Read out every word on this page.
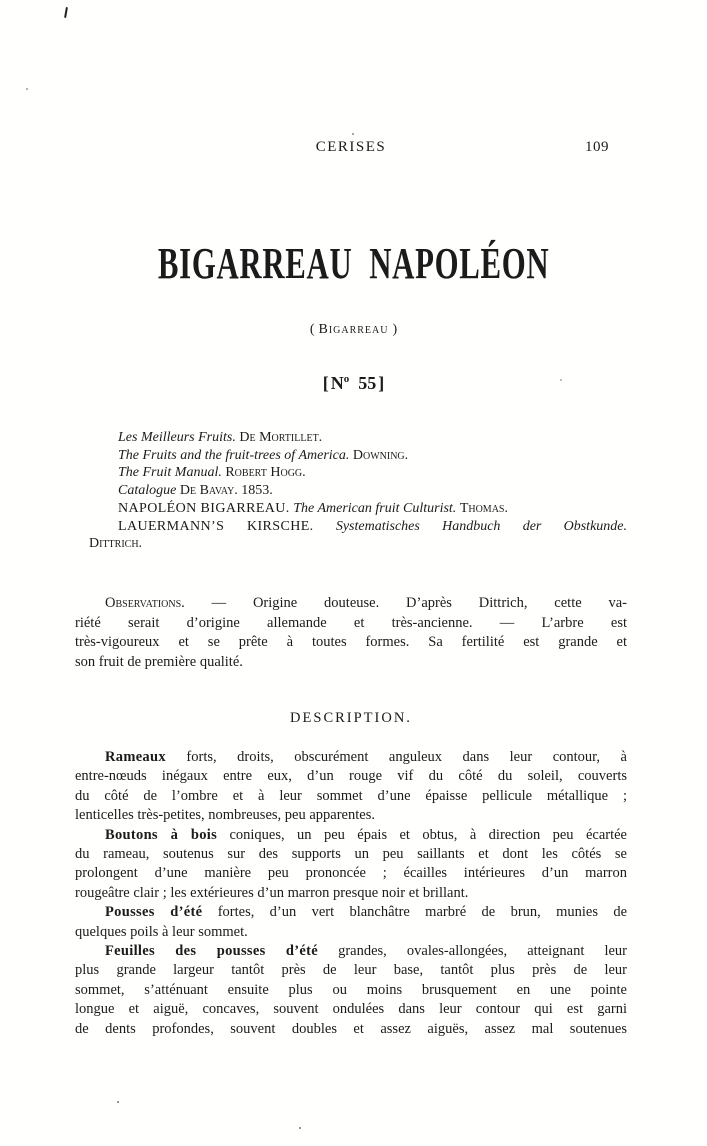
CERISES	109
BIGARREAU NAPOLÉON
( Bigarreau )
[ $N^o$ 55 ]
Les Meilleurs Fruits. De Mortillet.
The Fruits and the fruit-trees of America. Downing.
The Fruit Manual. Robert Hogg.
Catalogue De Bavay. 1853.
NAPOLÉON BIGARREAU. The American fruit Culturist. Thomas.
LAUERMANN’S KIRSCHE. Systematisches Handbuch der Obstkunde.
Dittrich.
Observations. — Origine douteuse. D’après Dittrich, cette va-
riété serait d’origine allemande et très-ancienne. — L’arbre est
très-vigoureux et se prête à toutes formes. Sa fertilité est grande et
son fruit de première qualité.
DESCRIPTION.
Rameaux forts, droits, obscurément anguleux dans leur contour, à
entre-nœuds inégaux entre eux, d’un rouge vif du côté du soleil, couverts
du côté de l’ombre et à leur sommet d’une épaisse pellicule métallique ;
lenticelles très-petites, nombreuses, peu apparentes.
Boutons à bois coniques, un peu épais et obtus, à direction peu écartée
du rameau, soutenus sur des supports un peu saillants et dont les côtés se
prolongent d’une manière peu prononcée ; écailles intérieures d’un marron
rougeâtre clair ; les extérieures d’un marron presque noir et brillant.
Pousses d’été fortes, d’un vert blanchâtre marbré de brun, munies de
quelques poils à leur sommet.
Feuilles des pousses d’été grandes, ovales-allongées, atteignant leur
plus grande largeur tantôt près de leur base, tantôt plus près de leur
sommet, s’atténuant ensuite plus ou moins brusquement en une pointe
longue et aiguë, concaves, souvent ondulées dans leur contour qui est garni
de dents profondes, souvent doubles et assez aiguës, assez mal soutenues
